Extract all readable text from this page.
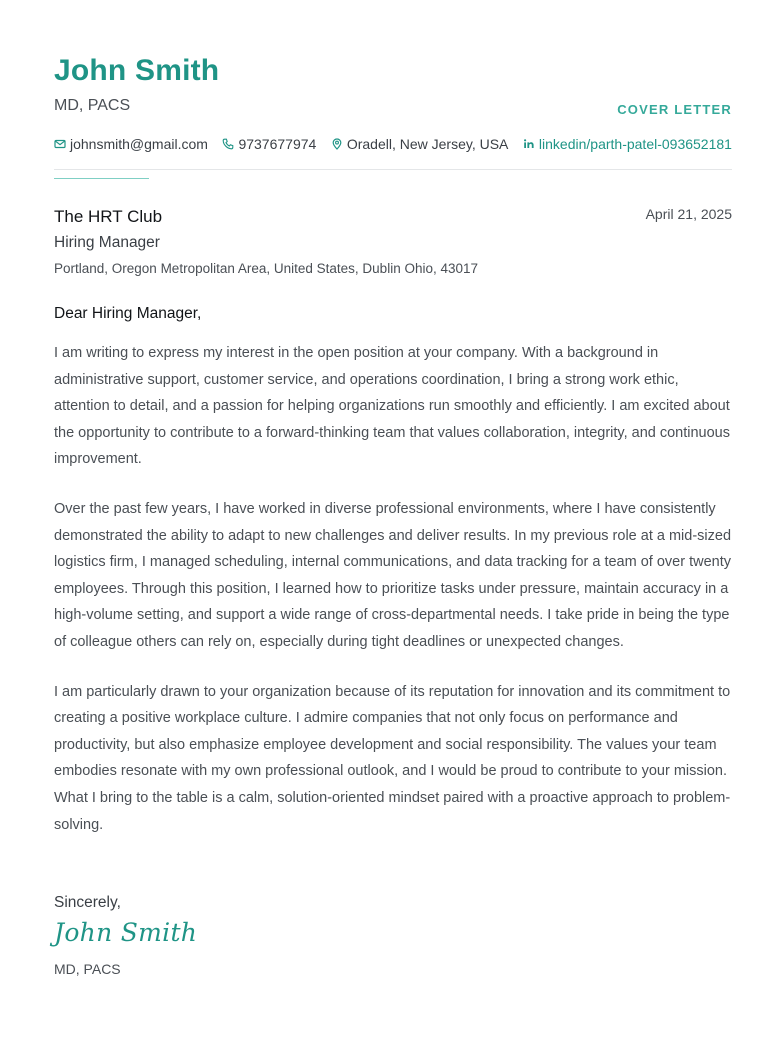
John Smith
MD, PACS	COVER LETTER
johnsmith@gmail.com 9737677974 Oradell, New Jersey, USA linkedin/parth-patel-093652181
The HRT Club	April 21, 2025
Hiring Manager
Portland, Oregon Metropolitan Area, United States, Dublin Ohio, 43017
Dear Hiring Manager,

I am writing to express my interest in the open position at your company. With a background in administrative support, customer service, and operations coordination, I bring a strong work ethic, attention to detail, and a passion for helping organizations run smoothly and efficiently. I am excited about the opportunity to contribute to a forward-thinking team that values collaboration, integrity, and continuous improvement.

Over the past few years, I have worked in diverse professional environments, where I have consistently demonstrated the ability to adapt to new challenges and deliver results. In my previous role at a mid-sized logistics firm, I managed scheduling, internal communications, and data tracking for a team of over twenty employees. Through this position, I learned how to prioritize tasks under pressure, maintain accuracy in a high-volume setting, and support a wide range of cross-departmental needs. I take pride in being the type of colleague others can rely on, especially during tight deadlines or unexpected changes.

I am particularly drawn to your organization because of its reputation for innovation and its commitment to creating a positive workplace culture. I admire companies that not only focus on performance and productivity, but also emphasize employee development and social responsibility. The values your team embodies resonate with my own professional outlook, and I would be proud to contribute to your mission. What I bring to the table is a calm, solution-oriented mindset paired with a proactive approach to problem-solving.

Sincerely,
John Smith
MD, PACS
